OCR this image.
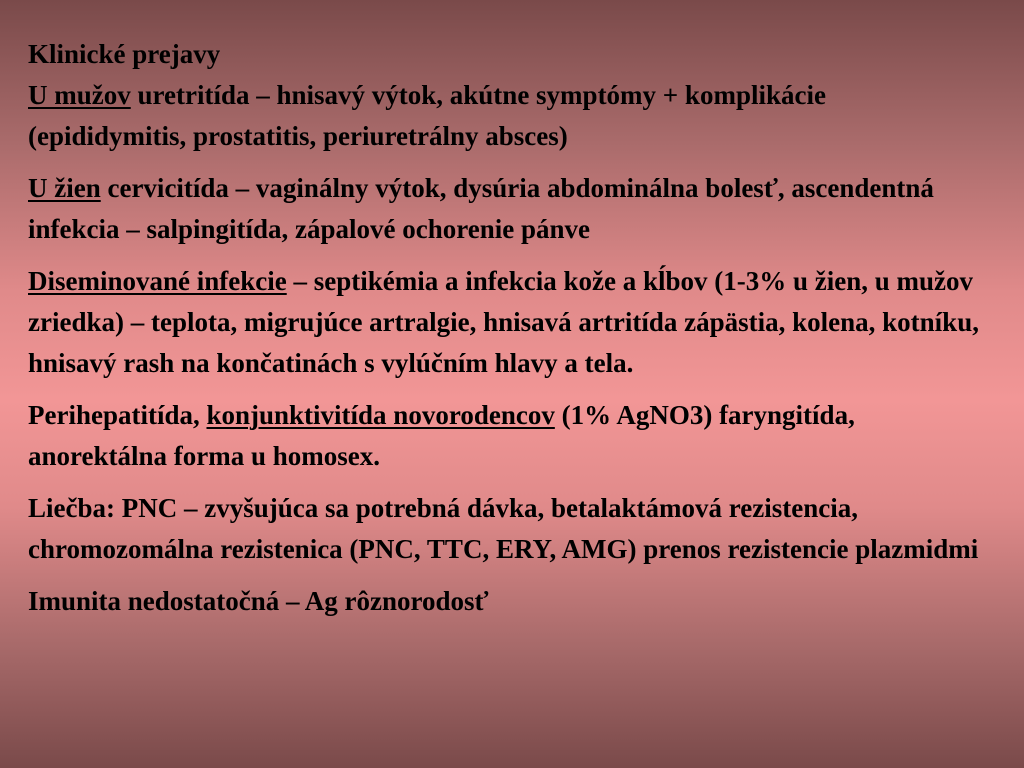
Klinické prejavy
U mužov uretritída – hnisavý výtok, akútne symptómy + komplikácie (epididymitis, prostatitis, periuretrálny absces)
U žien cervicitída – vaginálny výtok, dysúria abdominálna bolesť, ascendentná infekcia – salpingitída, zápalové ochorenie pánve
Diseminované infekcie – septikémia a infekcia kože a kĺbov (1-3% u žien, u mužov zriedka) – teplota, migrujúce artralgie, hnisavá artritída zápästia, kolena, kotníku, hnisavý rash na končatinách s vylúčním hlavy a tela.
Perihepatitída, konjunktivitída novorodencov (1% AgNO3) faryngitída, anorektálna forma u homosex.
Liečba: PNC – zvyšujúca sa potrebná dávka, betalaktámová rezistencia, chromozomálna rezistenica (PNC, TTC, ERY, AMG) prenos rezistencie plazmidmi
Imunita nedostatočná – Ag rôznorodosť
